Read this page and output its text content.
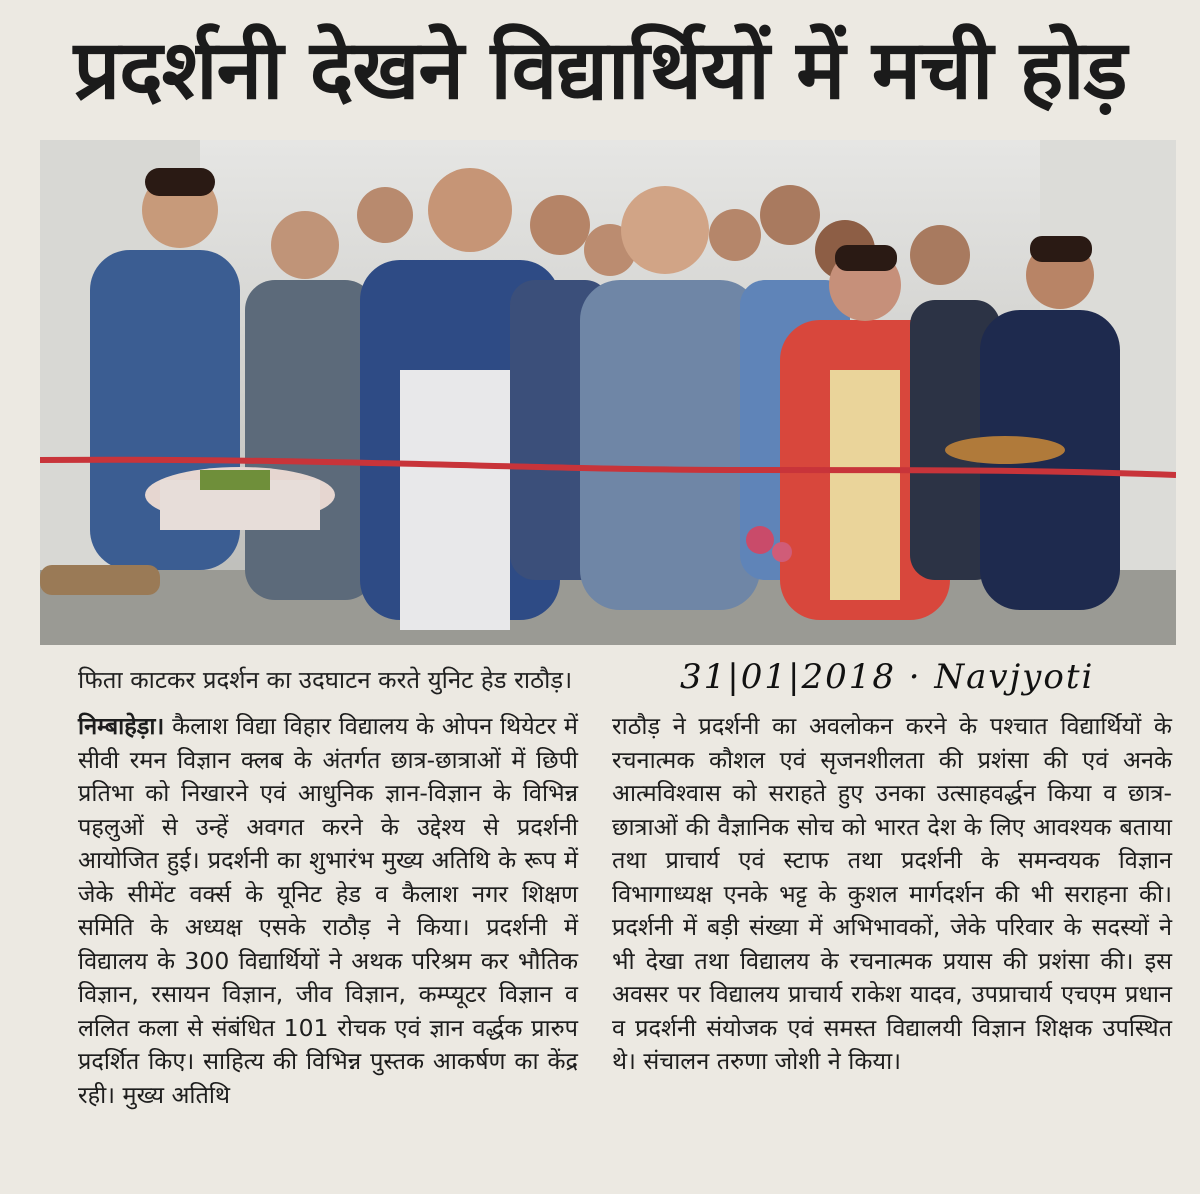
प्रदर्शनी देखने विद्यार्थियों में मची होड़
फिता काटकर प्रदर्शन का उदघाटन करते युनिट हेड राठौड़।	31|01|2018 · Navjyoti

निम्बाहेड़ा। कैलाश विद्या विहार विद्यालय के ओपन थियेटर में सीवी रमन विज्ञान क्लब के अंतर्गत छात्र-छात्राओं में छिपी प्रतिभा को निखारने एवं आधुनिक ज्ञान-विज्ञान के विभिन्न पहलुओं से उन्हें अवगत करने के उद्देश्य से प्रदर्शनी आयोजित हुई। प्रदर्शनी का शुभारंभ मुख्य अतिथि के रूप में जेके सीमेंट वर्क्स के यूनिट हेड व कैलाश नगर शिक्षण समिति के अध्यक्ष एसके राठौड़ ने किया। प्रदर्शनी में विद्यालय के 300 विद्यार्थियों ने अथक परिश्रम कर भौतिक विज्ञान, रसायन विज्ञान, जीव विज्ञान, कम्प्यूटर विज्ञान व ललित कला से संबंधित 101 रोचक एवं ज्ञान वर्द्धक प्रारुप प्रदर्शित किए। साहित्य की विभिन्न पुस्तक आकर्षण का केंद्र रही। मुख्य अतिथि

राठौड़ ने प्रदर्शनी का अवलोकन करने के पश्चात विद्यार्थियों के रचनात्मक कौशल एवं सृजनशीलता की प्रशंसा की एवं अनके आत्मविश्वास को सराहते हुए उनका उत्साहवर्द्धन किया व छात्र-छात्राओं की वैज्ञानिक सोच को भारत देश के लिए आवश्यक बताया तथा प्राचार्य एवं स्टाफ तथा प्रदर्शनी के समन्वयक विज्ञान विभागाध्यक्ष एनके भट्ट के कुशल मार्गदर्शन की भी सराहना की। प्रदर्शनी में बड़ी संख्या में अभिभावकों, जेके परिवार के सदस्यों ने भी देखा तथा विद्यालय के रचनात्मक प्रयास की प्रशंसा की। इस अवसर पर विद्यालय प्राचार्य राकेश यादव, उपप्राचार्य एचएम प्रधान व प्रदर्शनी संयोजक एवं समस्त विद्यालयी विज्ञान शिक्षक उपस्थित थे। संचालन तरुणा जोशी ने किया।
